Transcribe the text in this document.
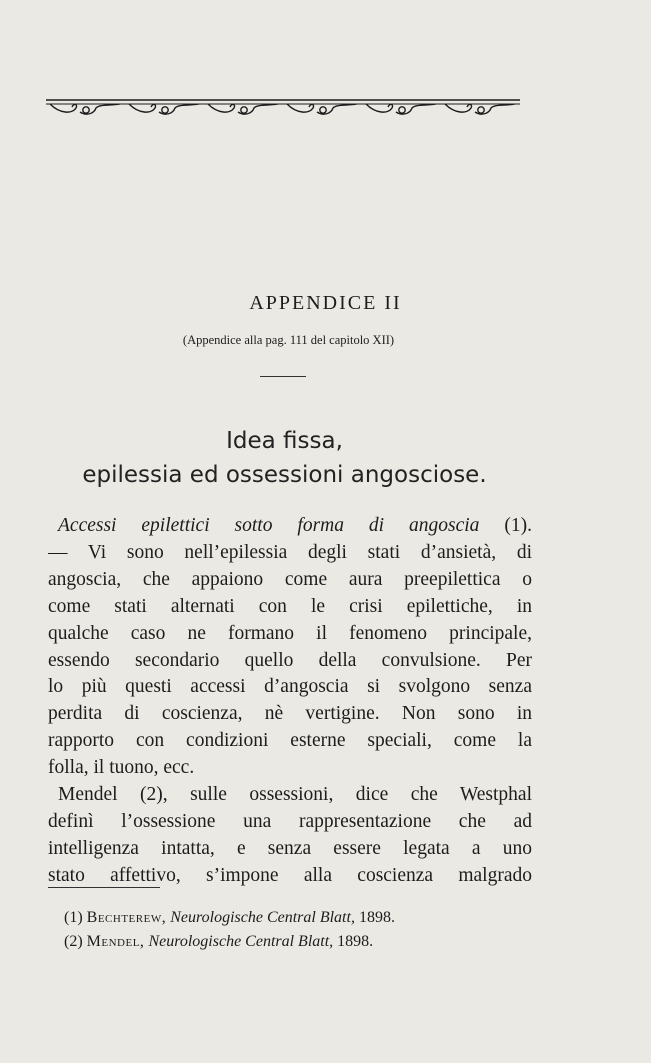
APPENDICE II
(Appendice alla pag. 111 del capitolo XII)
Idea fissa,
epilessia ed ossessioni angosciose.
Accessi epilettici sotto forma di angoscia (1).
— Vi sono nell’epilessia degli stati d’ansietà, di
angoscia, che appaiono come aura preepilettica o
come stati alternati con le crisi epilettiche, in
qualche caso ne formano il fenomeno principale,
essendo secondario quello della convulsione. Per
lo più questi accessi d’angoscia si svolgono senza
perdita di coscienza, nè vertigine. Non sono in
rapporto con condizioni esterne speciali, come la
folla, il tuono, ecc.
Mendel (2), sulle ossessioni, dice che Westphal
definì l’ossessione una rappresentazione che ad
intelligenza intatta, e senza essere legata a uno
stato affettivo, s’impone alla coscienza malgrado
(1) Bechterew, Neurologische Central Blatt, 1898.
(2) Mendel, Neurologische Central Blatt, 1898.
